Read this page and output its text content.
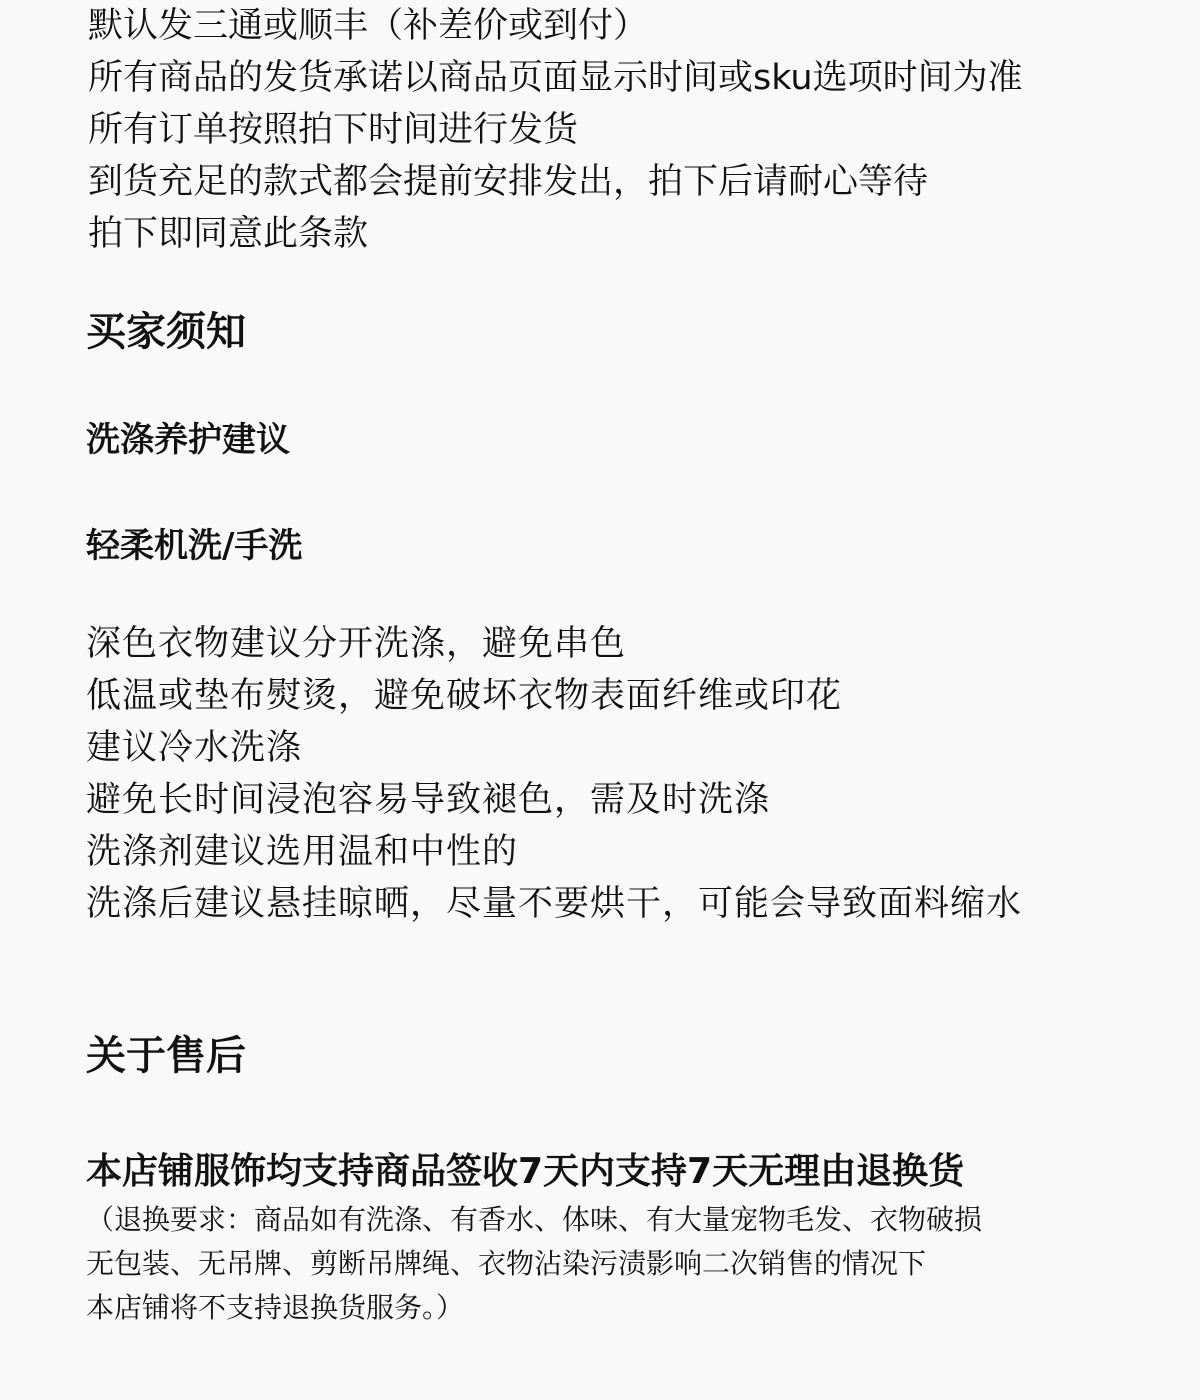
默认发三通或顺丰（补差价或到付）
所有商品的发货承诺以商品页面显示时间或sku选项时间为准
所有订单按照拍下时间进行发货
到货充足的款式都会提前安排发出，拍下后请耐心等待
拍下即同意此条款
买家须知
洗涤养护建议
轻柔机洗/手洗
深色衣物建议分开洗涤，避免串色
低温或垫布熨烫，避免破坏衣物表面纤维或印花
建议冷水洗涤
避免长时间浸泡容易导致褪色，需及时洗涤
洗涤剂建议选用温和中性的
洗涤后建议悬挂晾晒，尽量不要烘干，可能会导致面料缩水
关于售后
本店铺服饰均支持商品签收7天内支持7天无理由退换货
（退换要求：商品如有洗涤、有香水、体味、有大量宠物毛发、衣物破损
无包装、无吊牌、剪断吊牌绳、衣物沾染污渍影响二次销售的情况下
本店铺将不支持退换货服务。）
